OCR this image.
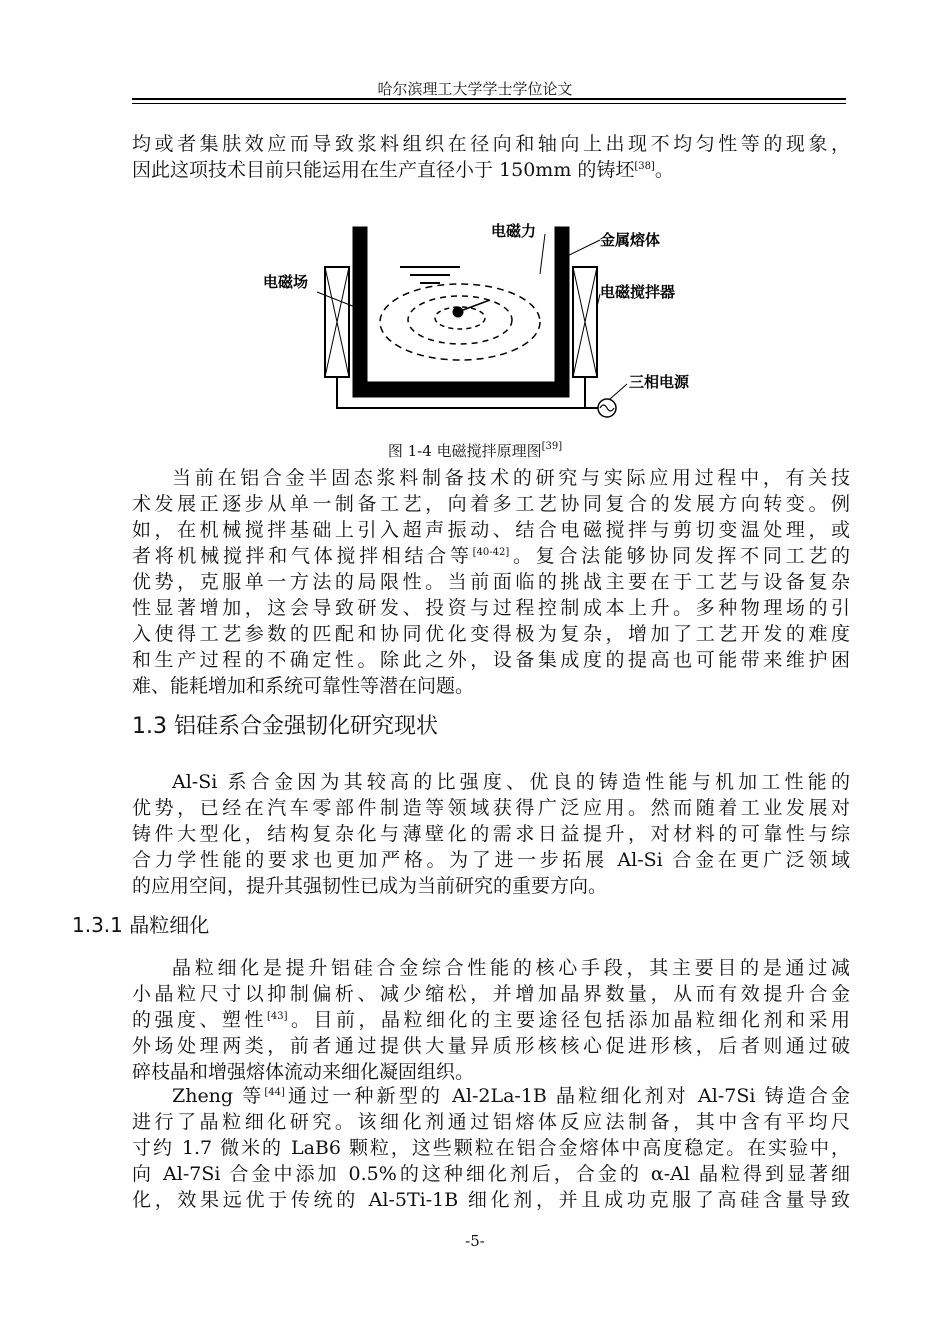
哈尔滨理工大学学士学位论文
均或者集肤效应而导致浆料组织在径向和轴向上出现不均匀性等的现象，
因此这项技术目前只能运用在生产直径小于 150mm 的铸坯[38]。
电磁力	金属熔体
电磁场
电磁搅拌器
三相电源
图 1-4 电磁搅拌原理图[39]
当前在铝合金半固态浆料制备技术的研究与实际应用过程中，有关技
术发展正逐步从单一制备工艺，向着多工艺协同复合的发展方向转变。例
如，在机械搅拌基础上引入超声振动、结合电磁搅拌与剪切变温处理，或
者将机械搅拌和气体搅拌相结合等[40-42]。复合法能够协同发挥不同工艺的
优势，克服单一方法的局限性。当前面临的挑战主要在于工艺与设备复杂
性显著增加，这会导致研发、投资与过程控制成本上升。多种物理场的引
入使得工艺参数的匹配和协同优化变得极为复杂，增加了工艺开发的难度
和生产过程的不确定性。除此之外，设备集成度的提高也可能带来维护困
难、能耗增加和系统可靠性等潜在问题。
1.3 铝硅系合金强韧化研究现状
Al-Si 系合金因为其较高的比强度、优良的铸造性能与机加工性能的
优势，已经在汽车零部件制造等领域获得广泛应用。然而随着工业发展对
铸件大型化，结构复杂化与薄壁化的需求日益提升，对材料的可靠性与综
合力学性能的要求也更加严格。为了进一步拓展 Al-Si 合金在更广泛领域
的应用空间，提升其强韧性已成为当前研究的重要方向。
1.3.1 晶粒细化
晶粒细化是提升铝硅合金综合性能的核心手段，其主要目的是通过减
小晶粒尺寸以抑制偏析、减少缩松，并增加晶界数量，从而有效提升合金
的强度、塑性[43]。目前，晶粒细化的主要途径包括添加晶粒细化剂和采用
外场处理两类，前者通过提供大量异质形核核心促进形核，后者则通过破
碎枝晶和增强熔体流动来细化凝固组织。
Zheng 等[44]通过一种新型的 Al-2La-1B 晶粒细化剂对 Al-7Si 铸造合金
进行了晶粒细化研究。该细化剂通过铝熔体反应法制备，其中含有平均尺
寸约 1.7 微米的 LaB6 颗粒，这些颗粒在铝合金熔体中高度稳定。在实验中，
向 Al-7Si 合金中添加 0.5%的这种细化剂后，合金的 α-Al 晶粒得到显著细
化，效果远优于传统的 Al-5Ti-1B 细化剂，并且成功克服了高硅含量导致
-5-
